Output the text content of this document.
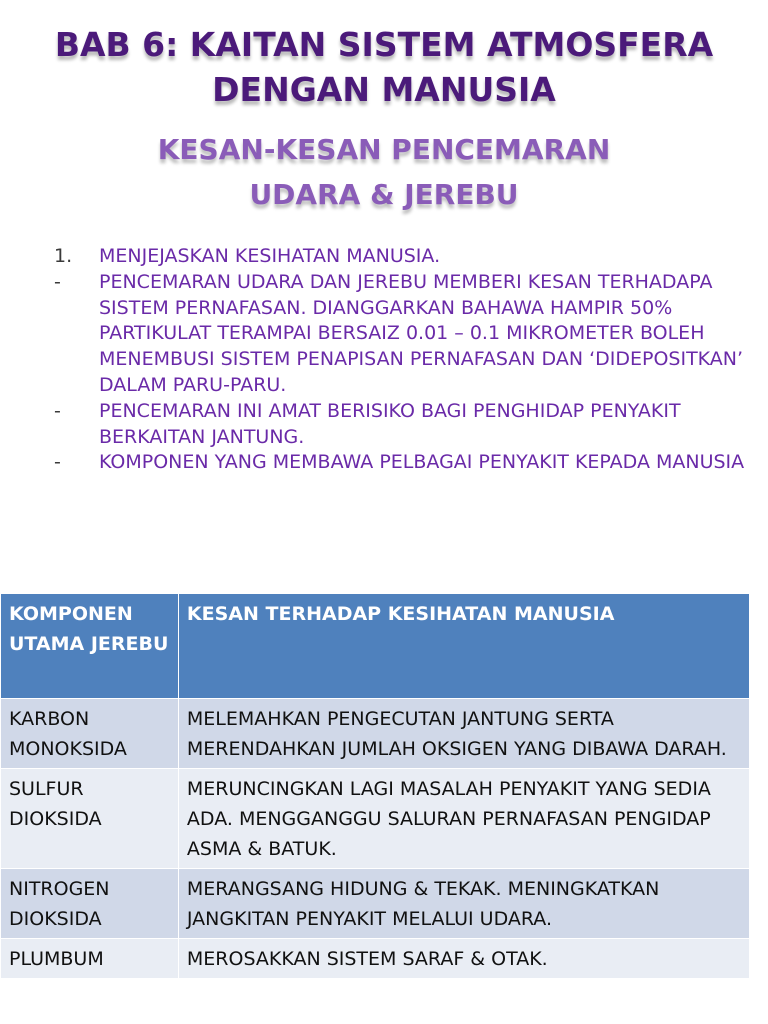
BAB 6: KAITAN SISTEM ATMOSFERA
DENGAN MANUSIA
KESAN-KESAN PENCEMARAN
UDARA & JEREBU
1. MENJEJASKAN KESIHATAN MANUSIA.
- PENCEMARAN UDARA DAN JEREBU MEMBERI KESAN TERHADAPA SISTEM PERNAFASAN. DIANGGARKAN BAHAWA HAMPIR 50% PARTIKULAT TERAMPAI BERSAIZ 0.01 – 0.1 MIKROMETER BOLEH MENEMBUSI SISTEM PENAPISAN PERNAFASAN DAN ‘DIDEPOSITKAN’ DALAM PARU-PARU.
- PENCEMARAN INI AMAT BERISIKO BAGI PENGHIDAP PENYAKIT BERKAITAN JANTUNG.
- KOMPONEN YANG MEMBAWA PELBAGAI PENYAKIT KEPADA MANUSIA
KOMPONEN UTAMA JEREBU	KESAN TERHADAP KESIHATAN MANUSIA
KARBON MONOKSIDA	MELEMAHKAN PENGECUTAN JANTUNG SERTA MERENDAHKAN JUMLAH OKSIGEN YANG DIBAWA DARAH.
SULFUR DIOKSIDA	MERUNCINGKAN LAGI MASALAH PENYAKIT YANG SEDIA ADA. MENGGANGGU SALURAN PERNAFASAN PENGIDAP ASMA & BATUK.
NITROGEN DIOKSIDA	MERANGSANG HIDUNG & TEKAK. MENINGKATKAN JANGKITAN PENYAKIT MELALUI UDARA.
PLUMBUM	MEROSAKKAN SISTEM SARAF & OTAK.
